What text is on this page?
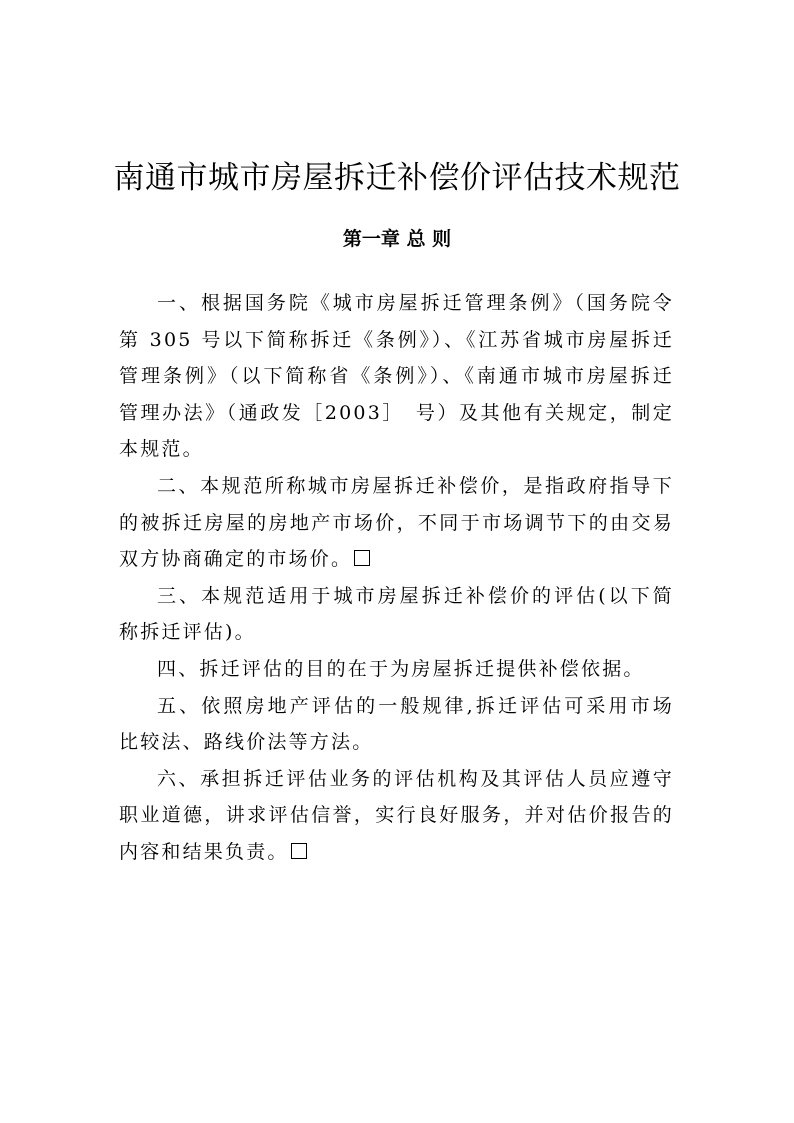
南通市城市房屋拆迁补偿价评估技术规范
第一章 总 则

一、根据国务院《城市房屋拆迁管理条例》（国务院令第 305 号以下简称拆迁《条例》）、《江苏省城市房屋拆迁管理条例》（以下简称省《条例》）、《南通市城市房屋拆迁管理办法》（通政发［2003］　号）及其他有关规定，制定本规范。

二、本规范所称城市房屋拆迁补偿价，是指政府指导下的被拆迁房屋的房地产市场价，不同于市场调节下的由交易双方协商确定的市场价。

三、本规范适用于城市房屋拆迁补偿价的评估(以下简称拆迁评估)。

四、拆迁评估的目的在于为房屋拆迁提供补偿依据。

五、依照房地产评估的一般规律,拆迁评估可采用市场比较法、路线价法等方法。

六、承担拆迁评估业务的评估机构及其评估人员应遵守职业道德，讲求评估信誉，实行良好服务，并对估价报告的内容和结果负责。
